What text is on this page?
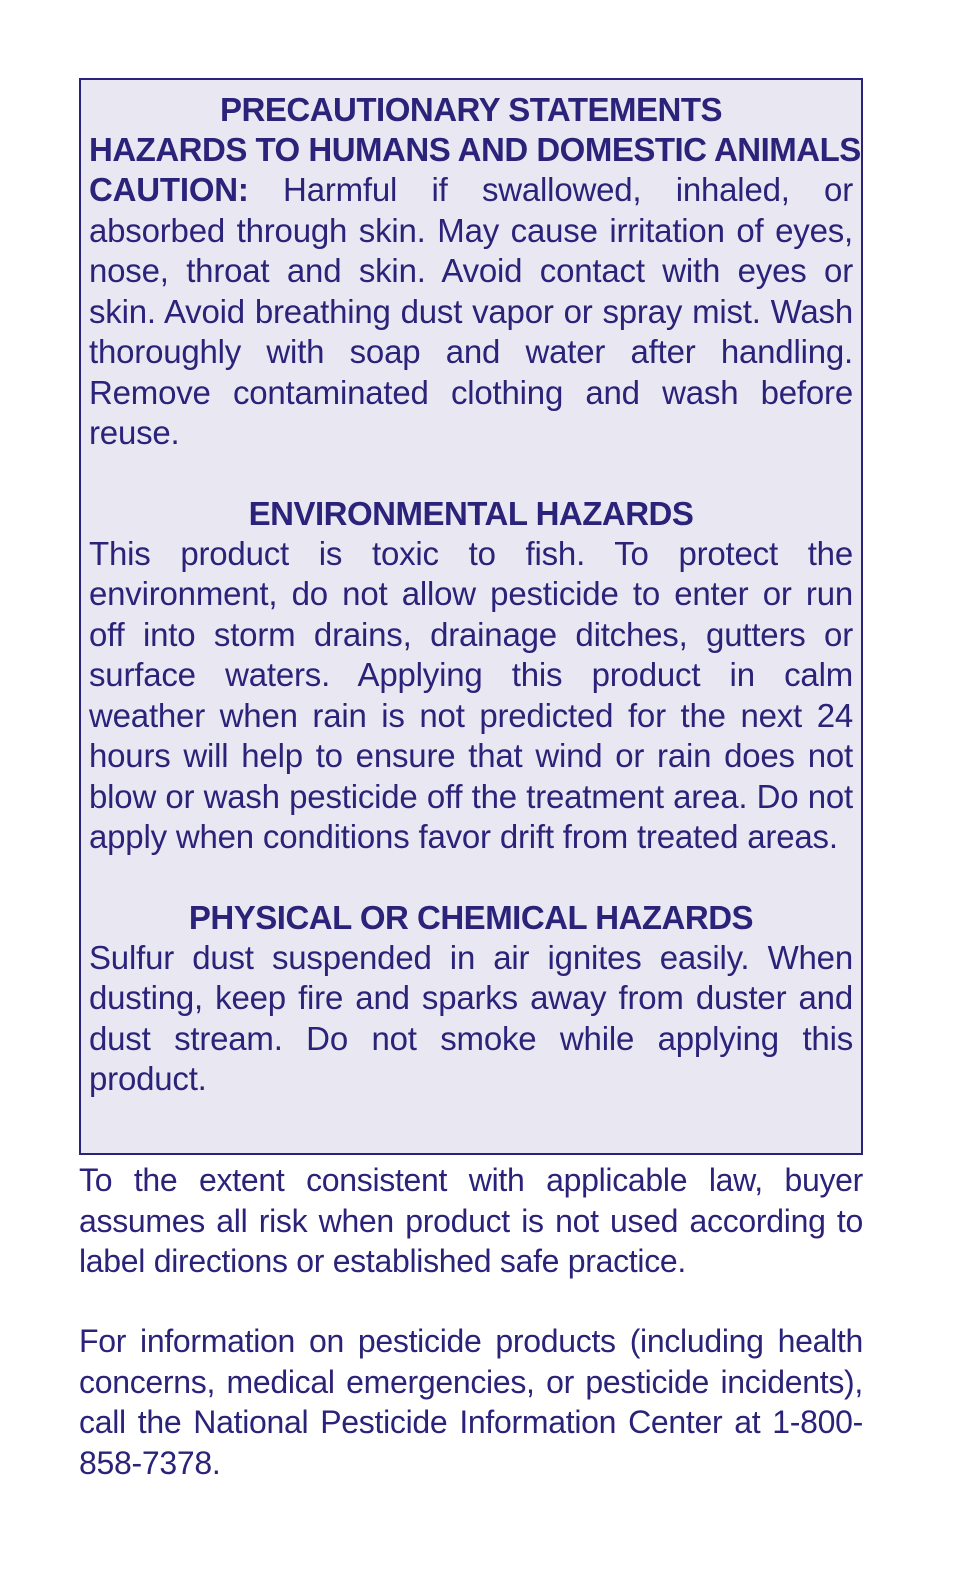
PRECAUTIONARY STATEMENTS

HAZARDS TO HUMANS AND DOMESTIC ANIMALS

CAUTION: Harmful if swallowed, inhaled, or absorbed through skin. May cause irritation of eyes, nose, throat and skin. Avoid contact with eyes or skin. Avoid breathing dust vapor or spray mist. Wash thoroughly with soap and water after handling. Remove contaminated clothing and wash before reuse.

ENVIRONMENTAL HAZARDS

This product is toxic to fish. To protect the environment, do not allow pesticide to enter or run off into storm drains, drainage ditches, gutters or surface waters. Applying this product in calm weather when rain is not predicted for the next 24 hours will help to ensure that wind or rain does not blow or wash pesticide off the treatment area. Do not apply when conditions favor drift from treated areas.

PHYSICAL OR CHEMICAL HAZARDS

Sulfur dust suspended in air ignites easily. When dusting, keep fire and sparks away from duster and dust stream. Do not smoke while applying this product.

To the extent consistent with applicable law, buyer assumes all risk when product is not used according to label directions or established safe practice.

For information on pesticide products (including health concerns, medical emergencies, or pesticide incidents), call the National Pesticide Information Center at 1-800-858-7378.
